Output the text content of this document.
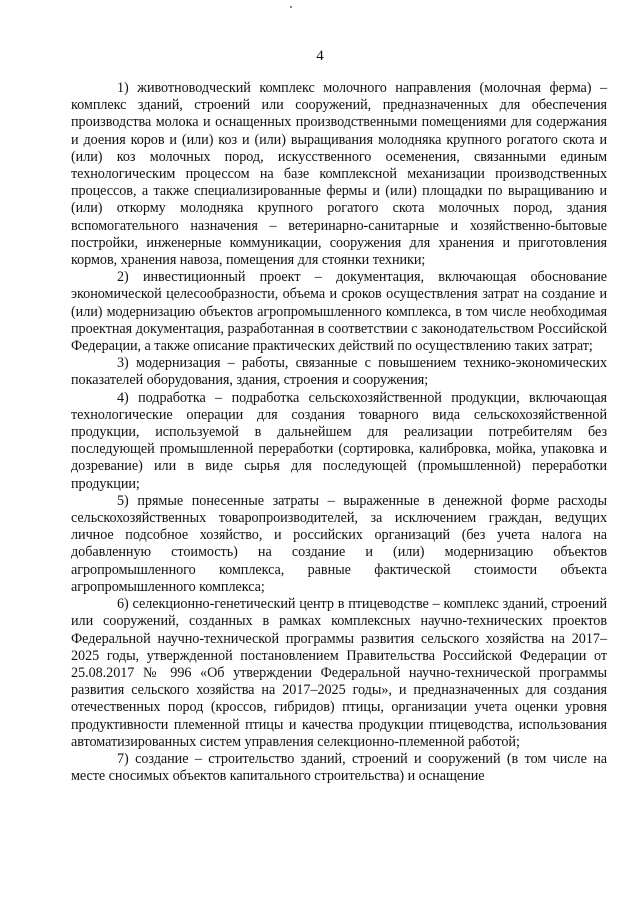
4

1) животноводческий комплекс молочного направления (молочная ферма) – комплекс зданий, строений или сооружений, предназначенных для обеспечения производства молока и оснащенных производственными помещениями для содержания и доения коров и (или) коз и (или) выращивания молодняка крупного рогатого скота и (или) коз молочных пород, искусственного осеменения, связанными единым технологическим процессом на базе комплексной механизации производственных процессов, а также специализированные фермы и (или) площадки по выращиванию и (или) откорму молодняка крупного рогатого скота молочных пород, здания вспомогательного назначения – ветеринарно-санитарные и хозяйственно-бытовые постройки, инженерные коммуникации, сооружения для хранения и приготовления кормов, хранения навоза, помещения для стоянки техники;

2) инвестиционный проект – документация, включающая обоснование экономической целесообразности, объема и сроков осуществления затрат на создание и (или) модернизацию объектов агропромышленного комплекса, в том числе необходимая проектная документация, разработанная в соответствии с законодательством Российской Федерации, а также описание практических действий по осуществлению таких затрат;

3) модернизация – работы, связанные с повышением технико-экономических показателей оборудования, здания, строения и сооружения;

4) подработка – подработка сельскохозяйственной продукции, включающая технологические операции для создания товарного вида сельскохозяйственной продукции, используемой в дальнейшем для реализации потребителям без последующей промышленной переработки (сортировка, калибровка, мойка, упаковка и дозревание) или в виде сырья для последующей (промышленной) переработки продукции;

5) прямые понесенные затраты – выраженные в денежной форме расходы сельскохозяйственных товаропроизводителей, за исключением граждан, ведущих личное подсобное хозяйство, и российских организаций (без учета налога на добавленную стоимость) на создание и (или) модернизацию объектов агропромышленного комплекса, равные фактической стоимости объекта агропромышленного комплекса;

6) селекционно-генетический центр в птицеводстве – комплекс зданий, строений или сооружений, созданных в рамках комплексных научно-технических проектов Федеральной научно-технической программы развития сельского хозяйства на 2017–2025 годы, утвержденной постановлением Правительства Российской Федерации от 25.08.2017 № 996 «Об утверждении Федеральной научно-технической программы развития сельского хозяйства на 2017–2025 годы», и предназначенных для создания отечественных пород (кроссов, гибридов) птицы, организации учета оценки уровня продуктивности племенной птицы и качества продукции птицеводства, использования автоматизированных систем управления селекционно-племенной работой;

7) создание – строительство зданий, строений и сооружений (в том числе на месте сносимых объектов капитального строительства) и оснащение
